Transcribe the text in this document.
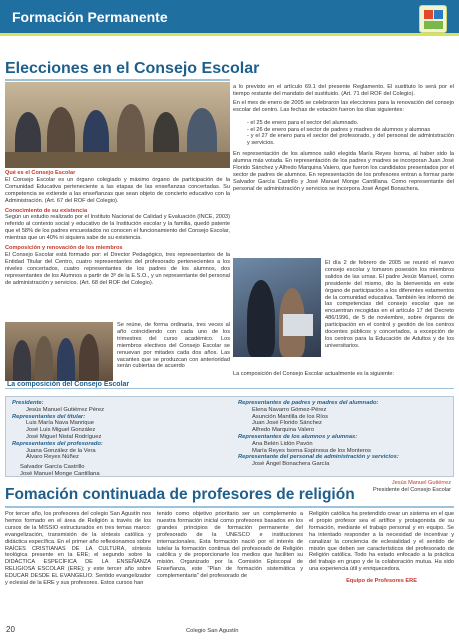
Formación Permanente
Elecciones en el Consejo Escolar

Qué es el Consejo Escolar

El Consejo Escolar es un órgano colegiado y máximo órgano de participación de la Comunidad Educativa perteneciente a las etapas de las enseñanzas concertadas. Su competencia se extiende a las enseñanzas que sean objeto de concierto educativo con la Administración. (Art. 67 del ROF del Colegio).

Conocimiento de su existencia

Según un estudio realizado por el Instituto Nacional de Calidad y Evaluación (INCE, 2003) referido al contexto social y educativo de la Institución escolar y la familia, quedó patente que el 58% de los padres encuestados no conocen el funcionamiento del Consejo Escolar, mientras que un 40% ni siquiera sabe de su existencia.

Composición y renovación de los miembros

El Consejo Escolar está formado por: el Director Pedagógico, tres representantes de la Entidad Titular del Centro, cuatro representantes del profesorado pertenecientes a los niveles concertados, cuatro representantes de los padres de los alumnos, dos representantes de los Alumnos a partir de 3º de la E.S.O., y un representante del personal de administración y servicios. (Art. 68 del ROF del Colegio).

Se reúne, de forma ordinaria, tres veces al año coincidiendo con cada uno de los trimestres del curso académico. Los miembros electivos del Consejo Escolar se renuevan por mitades cada dos años. Las vacantes que se produzcan con anterioridad serán cubiertas de acuerdo

a lo previsto en el artículo 69.1 del presente Reglamento. El sustituto lo será por el tiempo restante del mandato del sustituido. (Art. 71 del ROF del Colegio).

En el mes de enero de 2005 se celebraron las elecciones para la renovación del consejo escolar del centro. Las fechas de votación fueron los días siguientes:

- el 25 de enero para el sector del alumnado.

- el 26 de enero para el sector de padres y madres de alumnos y alumnas

- y el 27 de enero para el sector del profesorado, y del personal de administración y servicios.

En representación de los alumnos salió elegida María Reyes Isorna, al haber sido la alumna más votada. En representación de los padres y madres se incorporan Juan José Florido Sánchez y Alfredo Marquina Valero, que fueron los candidatos presentados por el sector de padres de alumnos. En representación de los profesores entran a formar parte Salvador García Castrillo y José Manuel Monge Cantillana. Como representante del personal de administración y servicios se incorpora José Ángel Bonachera.

El día 2 de febrero de 2005 se reunió el nuevo consejo escolar y tomaron posesión los miembros salidos de las urnas. El padre Jesús Manuel, como presidente del mismo, dio la bienvenida en este órgano de participación a los diferentes estamentos de la comunidad educativa. También les informó de las competencias del consejo escolar que se encuentran recogidas en el artículo 17 del Decreto 486/1996, de 5 de noviembre, sobre órganos de participación en el control y gestión de los centros docentes públicos y concertados, a excepción de los centros para la Educación de Adultos y de los universitarios.

La composición del Consejo Escolar actualmente es la siguiente:

La composición del Consejo Escolar
Presidente:
Jesús Manuel Gutiérrez Pérez
Representantes del titular:
Luis María Nava Manrique
José Luis Miguel González
José Miguel Nistal Rodríguez
Representantes del profesorado:
Juana González de la Vera
Álvaro Reyes Núñez
Representantes de padres y madres del alumnado:
Elena Navarro Gómez-Pérez
Asunción Mantilla de los Ríos
Juan José Florido Sánchez
Alfredo Marquina Valero
Representantes de los alumnos y alumnas:
Ana Belén Lidón Pavón
María Reyes Isorna Espinosa de los Monteros
Representante del personal de administración y servicios:
José Ángel Bonachera García
Salvador García Castrillo
José Manuel Monge Cantillana
Jesús Manuel Gutiérrez
Presidente del Consejo Escolar
Fomación continuada de profesores de religión

Por tercer año, los profesores del colegio San Agustín nos hemos formado en el área de Religión a través de los cursos de la MISSIO estructurados en tres temas marco: evangelización, transmisión de la síntesis católica y didáctica específica. En el primer año reflexionamos sobre RAÍCES CRISTIANAS DE LA CULTURA, síntesis teológica presente en la ERE; el segundo sobre la DIDÁCTICA ESPECÍFICA DE LA ENSEÑANZA RELIGIOSA ESCOLAR (ERE); y este tercer año sobre EDUCAR DESDE EL EVANGELIO. Sentido evangelizador y eclesial de la ERE y sus profesores. Estos cursos han

tenido como objetivo prioritario ser un complemento a nuestra formación inicial como profesores basados en los grandes principios de formación permanente del profesorado de la UNESCO e instituciones internacionales. Esta formación nació por el interés de tutelar la formación continua del profesorado de Religión católica y de proporcionarle los medios que faciliten su misión. Organizado por la Comisión Episcopal de Enseñanza, este "Plan de formación sistemática y complementaria" del profesorado de

Religión católica ha pretendido crear un sistema en el que el propio profesor sea el artífice y protagonista de su formación, mediante el trabajo personal y en equipo. Se ha intentado responder a la necesidad de incentivar y canalizar la conciencia de eclesialidad y el sentido de misión que deben ser característicos del profesorado de Religión católica. Todo ha estado enfocado a la práctica del trabajo en grupo y de la colaboración mutua. Ha sido una experiencia útil y enriquecedora.

Equipo de Profesores ERE

20	Colegio San Agustín
